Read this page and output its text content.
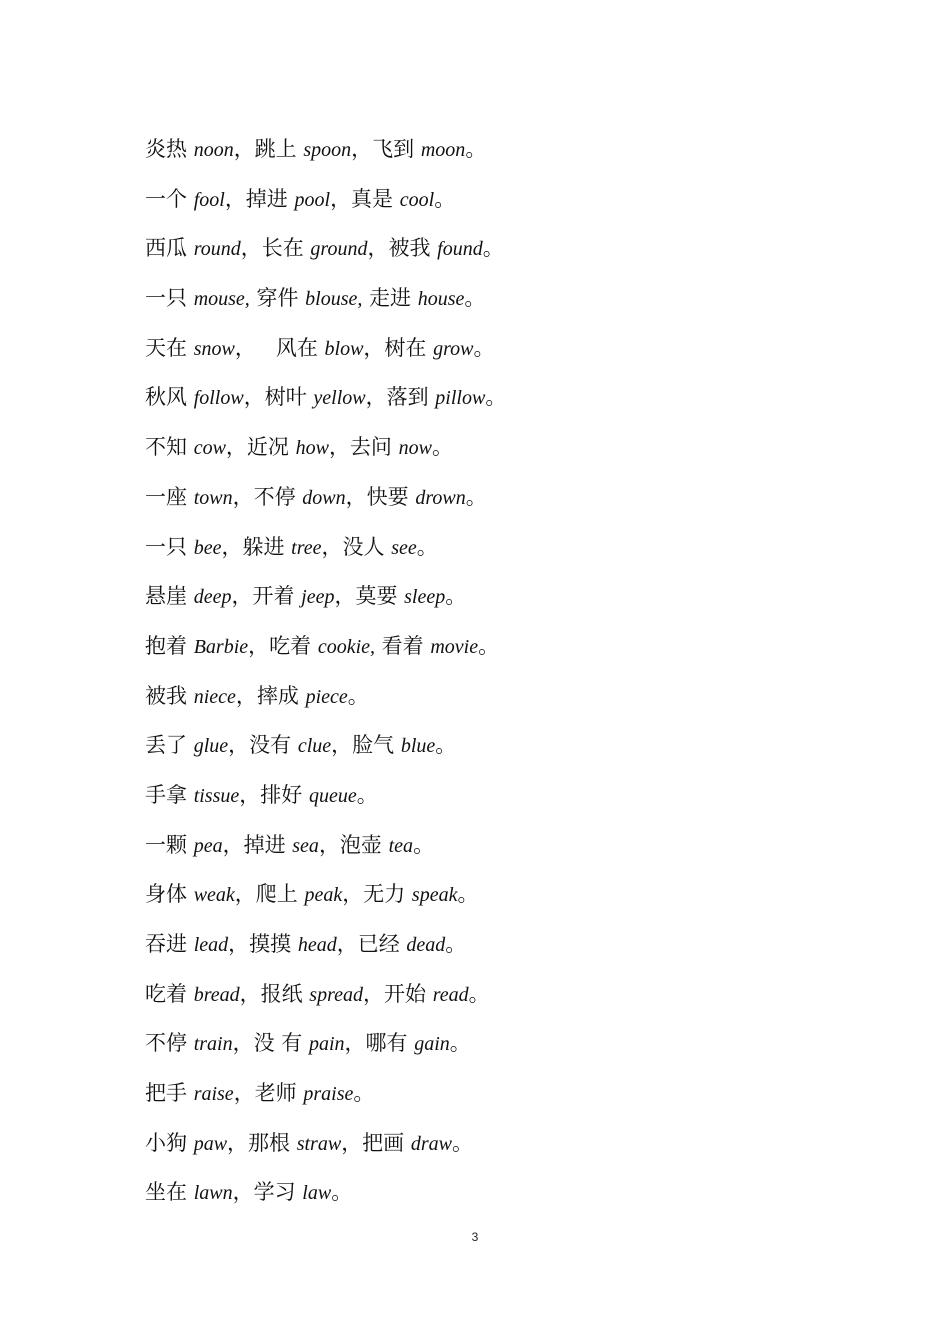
炎热 noon，跳上 spoon，飞到 moon。
一个 fool，掉进 pool，真是 cool。
西瓜 round，长在 ground，被我 found。
一只 mouse, 穿件 blouse, 走进 house。
天在 snow，   风在 blow，树在 grow。
秋风 follow，树叶 yellow，落到 pillow。
不知 cow，近况 how，去问 now。
一座 town，不停 down，快要 drown。
一只 bee，躲进 tree，没人 see。
悬崖 deep，开着 jeep，莫要 sleep。
抱着 Barbie，吃着 cookie, 看着 movie。
被我 niece，摔成 piece。
丢了 glue，没有 clue，脸气 blue。
手拿 tissue，排好 queue。
一颗 pea，掉进 sea，泡壶 tea。
身体 weak，爬上 peak，无力 speak。
吞进 lead，摸摸 head，已经 dead。
吃着 bread，报纸 spread，开始 read。
不停 train，没 有 pain，哪有 gain。
把手 raise，老师 praise。
小狗 paw，那根 straw，把画 draw。
坐在 lawn，学习 law。
3
